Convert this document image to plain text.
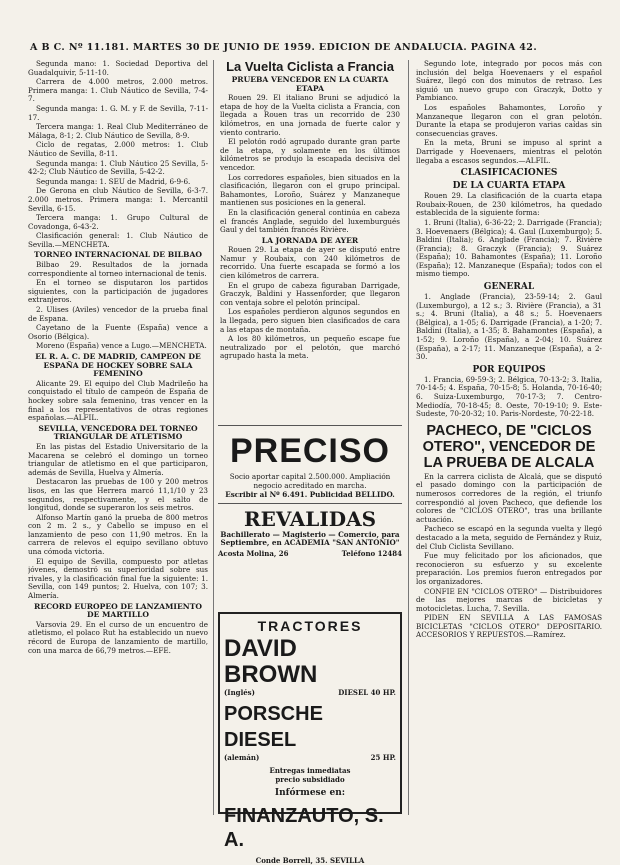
A B C. Nº 11.181. MARTES 30 DE JUNIO DE 1959. EDICION DE ANDALUCIA. PAGINA 42.

Segunda mano: 1. Sociedad Deportiva del Guadalquivir, 5-11-10.

Carrera de 4.000 metros, 2.000 metros. Primera manga: 1. Club Náutico de Sevilla, 7-4-7.

Segunda manga: 1. G. M. y F. de Sevilla, 7-11-17.

Tercera manga: 1. Real Club Mediterráneo de Málaga, 8-1; 2. Club Náutico de Sevilla, 8-9.

Ciclo de regatas, 2.000 metros: 1. Club Náutico de Sevilla, 8-11.

Segunda manga: 1. Club Náutico 25 Sevilla, 5-42-2; Club Náutico de Sevilla, 5-42-2.

Segunda manga: 1. SEU de Madrid, 6-9-6.

De Gerona en club Náutico de Sevilla, 6-3-7. 2.000 metros. Primera manga: 1. Mercantil Sevilla, 6-15.

Tercera manga: 1. Grupo Cultural de Covadonga, 6-43-2.

Clasificación general: 1. Club Náutico de Sevilla.—MENCHETA.

TORNEO INTERNACIONAL DE BILBAO

Bilbao 29. Resultados de la jornada correspondiente al torneo internacional de tenis.

En el torneo se disputaron los partidos siguientes, con la participación de jugadores extranjeros.

2. Ulises (Aviles) vencedor de la prueba final de Espana.

Cayetano de la Fuente (España) vence a Osorio (Bélgica).

Moreno (España) vence a Lugo.—MENCHETA.

EL R. A. C. DE MADRID, CAMPEON DE ESPAÑA DE HOCKEY SOBRE SALA FEMENINO

Alicante 29. El equipo del Club Madrileño ha conquistado el título de campeón de España de hockey sobre sala femenino, tras vencer en la final a los representativos de otras regiones españolas.—ALFIL.

SEVILLA, VENCEDORA DEL TORNEO TRIANGULAR DE ATLETISMO

En las pistas del Estadio Universitario de la Macarena se celebró el domingo un torneo triangular de atletismo en el que participaron, además de Sevilla, Huelva y Almería.

Destacaron las pruebas de 100 y 200 metros lisos, en las que Herrera marcó 11,1/10 y 23 segundos, respectivamente, y el salto de longitud, donde se superaron los seis metros.

Alfonso Martín ganó la prueba de 800 metros con 2 m. 2 s., y Cabello se impuso en el lanzamiento de peso con 11,90 metros. En la carrera de relevos el equipo sevillano obtuvo una cómoda victoria.

El equipo de Sevilla, compuesto por atletas jóvenes, demostró su superioridad sobre sus rivales, y la clasificación final fue la siguiente: 1. Sevilla, con 149 puntos; 2. Huelva, con 107; 3. Almería.

RECORD EUROPEO DE LANZAMIENTO DE MARTILLO

Varsovia 29. En el curso de un encuentro de atletismo, el polaco Rut ha establecido un nuevo récord de Europa de lanzamiento de martillo, con una marca de 66,79 metros.—EFE.

La Vuelta Ciclista a Francia
PRUEBA VENCEDOR EN LA CUARTA ETAPA

Rouen 29. El italiano Bruni se adjudicó la etapa de hoy de la Vuelta ciclista a Francia, con llegada a Rouen tras un recorrido de 230 kilómetros, en una jornada de fuerte calor y viento contrario.

El pelotón rodó agrupado durante gran parte de la etapa, y solamente en los últimos kilómetros se produjo la escapada decisiva del vencedor.

Los corredores españoles, bien situados en la clasificación, llegaron con el grupo principal. Bahamontes, Loroño, Suárez y Manzaneque mantienen sus posiciones en la general.

En la clasificación general continúa en cabeza el francés Anglade, seguido del luxemburgués Gaul y del también francés Rivière.

LA JORNADA DE AYER

Rouen 29. La etapa de ayer se disputó entre Namur y Roubaix, con 240 kilómetros de recorrido. Una fuerte escapada se formó a los cien kilómetros de carrera.

En el grupo de cabeza figuraban Darrigade, Graczyk, Baldini y Hassenforder, que llegaron con ventaja sobre el pelotón principal.

Los españoles perdieron algunos segundos en la llegada, pero siguen bien clasificados de cara a las etapas de montaña.

A los 80 kilómetros, un pequeño escape fue neutralizado por el pelotón, que marchó agrupado hasta la meta.

PRECISO

Socio aportar capital 2.500.000. Ampliación negocio acreditado en marcha.

Escribir al Nº 6.491. Publicidad BELLIDO.

REVALIDAS

Bachillerato — Magisterio — Comercio, para Septiembre, en ACADEMIA "SAN ANTONIO"

Acosta Molina, 26	Teléfono 12484
TRACTORES
DAVID BROWN
(Inglés)	DIESEL 40 HP.
PORSCHE DIESEL
(alemán)	25 HP.
Entregas inmediatas precio subsidiado
Infórmese en:
FINANZAUTO, S. A.
Conde Borrell, 35. SEVILLA

Segundo lote, integrado por pocos más con inclusión del belga Hoevenaers y el español Suárez, llegó con dos minutos de retraso. Les siguió un nuevo grupo con Graczyk, Dotto y Pambianco.

Los españoles Bahamontes, Loroño y Manzaneque llegaron con el gran pelotón. Durante la etapa se produjeron varias caídas sin consecuencias graves.

En la meta, Bruni se impuso al sprint a Darrigade y Hoevenaers, mientras el pelotón llegaba a escasos segundos.—ALFIL.

CLASIFICACIONES
DE LA CUARTA ETAPA

Rouen 29. La clasificación de la cuarta etapa Roubaix-Rouen, de 230 kilómetros, ha quedado establecida de la siguiente forma:

1. Bruni (Italia), 6-36-22; 2. Darrigade (Francia); 3. Hoevenaers (Bélgica); 4. Gaul (Luxemburgo); 5. Baldini (Italia); 6. Anglade (Francia); 7. Rivière (Francia); 8. Graczyk (Francia); 9. Suárez (España); 10. Bahamontes (España); 11. Loroño (España); 12. Manzaneque (España); todos con el mismo tiempo.

GENERAL

1. Anglade (Francia), 23-59-14; 2. Gaul (Luxemburgo), a 12 s.; 3. Rivière (Francia), a 31 s.; 4. Bruni (Italia), a 48 s.; 5. Hoevenaers (Bélgica), a 1-05; 6. Darrigade (Francia), a 1-20; 7. Baldini (Italia), a 1-35; 8. Bahamontes (España), a 1-52; 9. Loroño (España), a 2-04; 10. Suárez (España), a 2-17; 11. Manzaneque (España), a 2-30.

POR EQUIPOS

1. Francia, 69-59-3; 2. Bélgica, 70-13-2; 3. Italia, 70-14-5; 4. España, 70-15-8; 5. Holanda, 70-16-40; 6. Suiza-Luxemburgo, 70-17-3; 7. Centro-Mediodía, 70-18-45; 8. Oeste, 70-19-10; 9. Este-Sudeste, 70-20-32; 10. Paris-Nordeste, 70-22-18.

PACHECO, DE "CICLOS OTERO", VENCEDOR DE LA PRUEBA DE ALCALA

En la carrera ciclista de Alcalá, que se disputó el pasado domingo con la participación de numerosos corredores de la región, el triunfo correspondió al joven Pacheco, que defiende los colores de "CICLOS OTERO", tras una brillante actuación.

Pacheco se escapó en la segunda vuelta y llegó destacado a la meta, seguido de Fernández y Ruiz, del Club Ciclista Sevillano.

Fue muy felicitado por los aficionados, que reconocieron su esfuerzo y su excelente preparación. Los premios fueron entregados por los organizadores.

CONFIE EN "CICLOS OTERO" — Distribuidores de las mejores marcas de bicicletas y motocicletas. Lucha, 7. Sevilla.

PIDEN EN SEVILLA A LAS FAMOSAS BICICLETAS "CICLOS OTERO" DEPOSITARIO. ACCESORIOS Y REPUESTOS.—Ramírez.
